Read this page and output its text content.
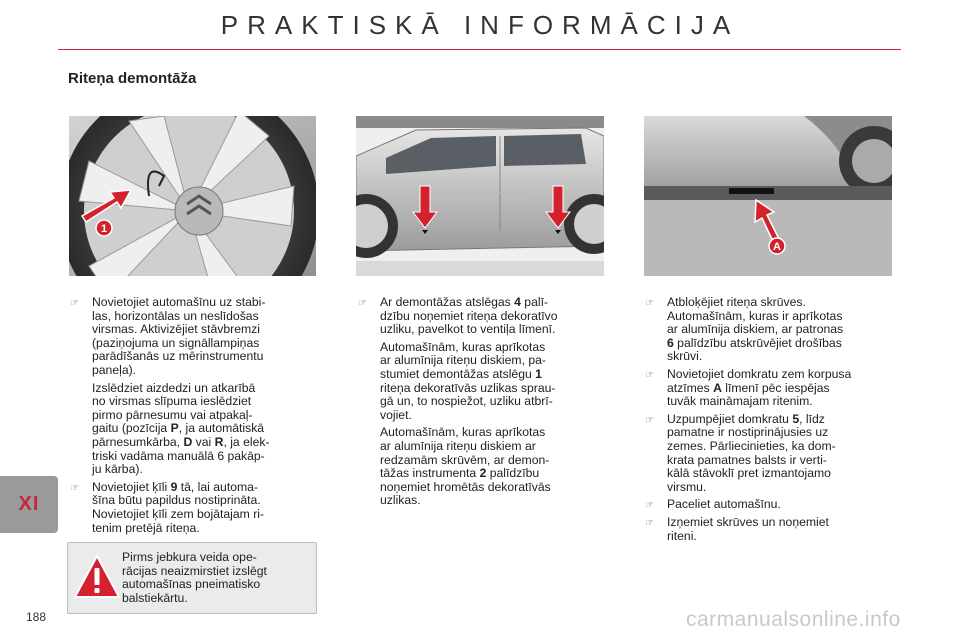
PRAKTISKĀ INFORMĀCIJA
Riteņa demontāža
1
A
☞ Novietojiet automašīnu uz stabi-
las, horizontālas un neslīdošas
virsmas. Aktivizējiet stāvbremzi
(paziņojuma un signāllampiņas
parādīšanās uz mērinstrumentu
paneļa).
Izslēdziet aizdedzi un atkarībā
no virsmas slīpuma ieslēdziet
pirmo pārnesumu vai atpakaļ-
gaitu (pozīcija P, ja automātiskā
pārnesumkārba, D vai R, ja elek-
triski vadāma manuālā 6 pakāp-
ju kārba).
☞ Novietojiet ķīli 9 tā, lai automa-
šīna būtu papildus nostiprināta.
Novietojiet ķīli zem bojātajam ri-
tenim pretējā riteņa.
☞ Ar demontāžas atslēgas 4 palī-
dzību noņemiet riteņa dekoratīvo
uzliku, pavelkot to ventiļa līmenī.
Automašīnām, kuras aprīkotas
ar alumīnija riteņu diskiem, pa-
stumiet demontāžas atslēgu 1
riteņa dekoratīvās uzlikas sprau-
gā un, to nospiežot, uzliku atbrī-
vojiet.
Automašīnām, kuras aprīkotas
ar alumīnija riteņu diskiem ar
redzamām skrūvēm, ar demon-
tāžas instrumenta 2 palīdzību
noņemiet hromētās dekoratīvās
uzlikas.
☞ Atbloķējiet riteņa skrūves.
Automašīnām, kuras ir aprīkotas
ar alumīnija diskiem, ar patronas
6 palīdzību atskrūvējiet drošības
skrūvi.
☞ Novietojiet domkratu zem korpusa
atzīmes A līmenī pēc iespējas
tuvāk maināmajam ritenim.
☞ Uzpumpējiet domkratu 5, līdz
pamatne ir nostiprinājusies uz
zemes. Pārliecinieties, ka dom-
krata pamatnes balsts ir verti-
kālā stāvoklī pret izmantojamo
virsmu.
☞ Paceliet automašīnu.
☞ Izņemiet skrūves un noņemiet
riteni.
Pirms jebkura veida ope-
rācijas neaizmirstiet izslēgt
automašīnas pneimatisko
balstiekārtu.
XI
188	carmanualsonline.info
